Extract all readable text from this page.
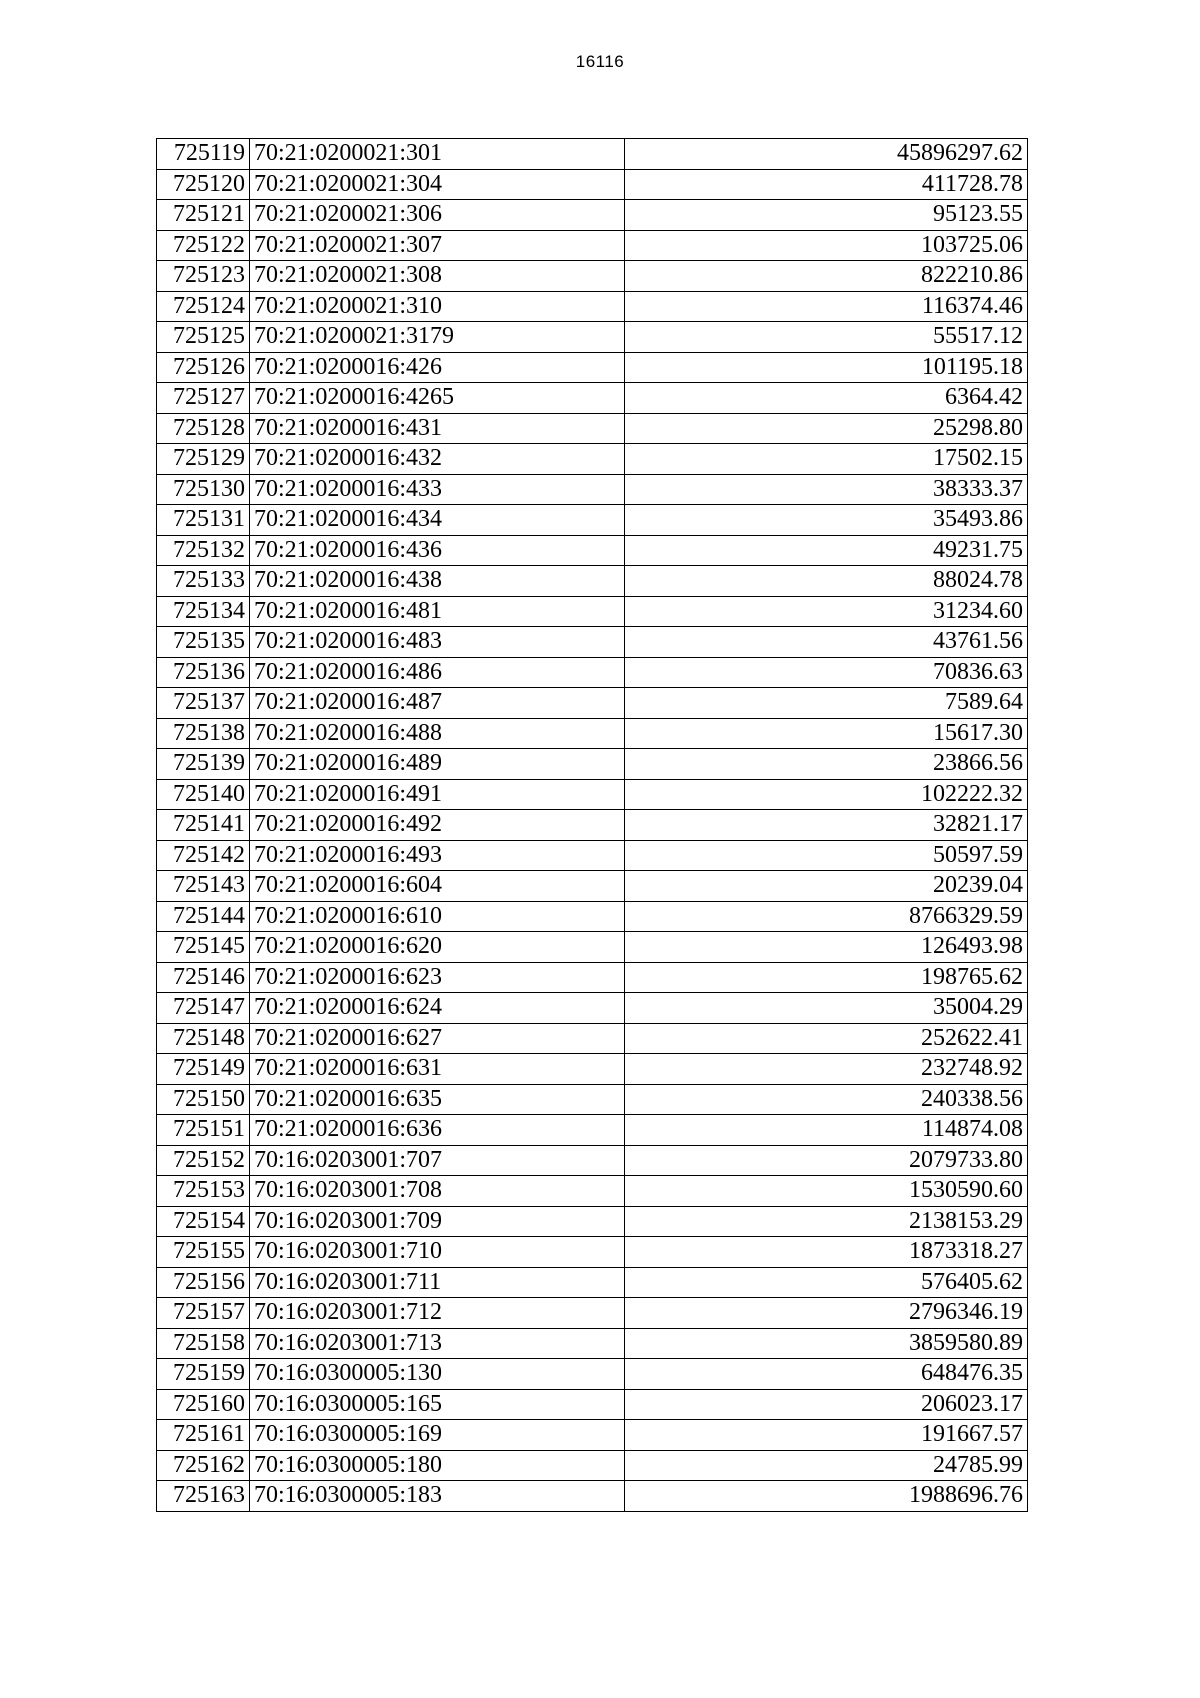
16116
725119	70:21:0200021:301	45896297.62
725120	70:21:0200021:304	411728.78
725121	70:21:0200021:306	95123.55
725122	70:21:0200021:307	103725.06
725123	70:21:0200021:308	822210.86
725124	70:21:0200021:310	116374.46
725125	70:21:0200021:3179	55517.12
725126	70:21:0200016:426	101195.18
725127	70:21:0200016:4265	6364.42
725128	70:21:0200016:431	25298.80
725129	70:21:0200016:432	17502.15
725130	70:21:0200016:433	38333.37
725131	70:21:0200016:434	35493.86
725132	70:21:0200016:436	49231.75
725133	70:21:0200016:438	88024.78
725134	70:21:0200016:481	31234.60
725135	70:21:0200016:483	43761.56
725136	70:21:0200016:486	70836.63
725137	70:21:0200016:487	7589.64
725138	70:21:0200016:488	15617.30
725139	70:21:0200016:489	23866.56
725140	70:21:0200016:491	102222.32
725141	70:21:0200016:492	32821.17
725142	70:21:0200016:493	50597.59
725143	70:21:0200016:604	20239.04
725144	70:21:0200016:610	8766329.59
725145	70:21:0200016:620	126493.98
725146	70:21:0200016:623	198765.62
725147	70:21:0200016:624	35004.29
725148	70:21:0200016:627	252622.41
725149	70:21:0200016:631	232748.92
725150	70:21:0200016:635	240338.56
725151	70:21:0200016:636	114874.08
725152	70:16:0203001:707	2079733.80
725153	70:16:0203001:708	1530590.60
725154	70:16:0203001:709	2138153.29
725155	70:16:0203001:710	1873318.27
725156	70:16:0203001:711	576405.62
725157	70:16:0203001:712	2796346.19
725158	70:16:0203001:713	3859580.89
725159	70:16:0300005:130	648476.35
725160	70:16:0300005:165	206023.17
725161	70:16:0300005:169	191667.57
725162	70:16:0300005:180	24785.99
725163	70:16:0300005:183	1988696.76
